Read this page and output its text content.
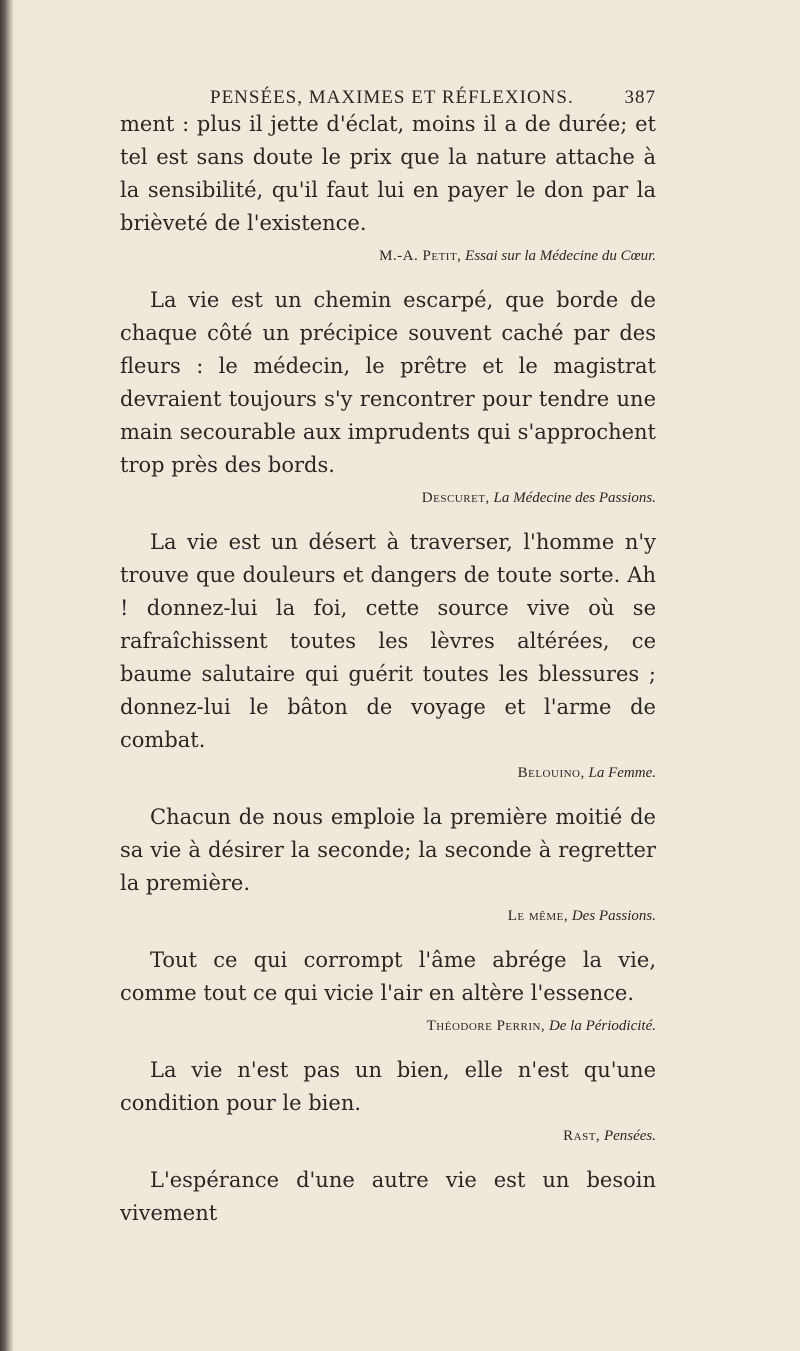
PENSÉES, MAXIMES ET RÉFLEXIONS.	387

ment : plus il jette d'éclat, moins il a de durée; et tel est sans doute le prix que la nature attache à la sensibilité, qu'il faut lui en payer le don par la brièveté de l'existence.

M.-A. Petit, Essai sur la Médecine du Cœur.

La vie est un chemin escarpé, que borde de chaque côté un précipice souvent caché par des fleurs : le médecin, le prêtre et le magistrat devraient toujours s'y rencontrer pour tendre une main secourable aux imprudents qui s'approchent trop près des bords.

Descuret, La Médecine des Passions.

La vie est un désert à traverser, l'homme n'y trouve que douleurs et dangers de toute sorte. Ah ! donnez-lui la foi, cette source vive où se rafraîchissent toutes les lèvres altérées, ce baume salutaire qui guérit toutes les blessures ; donnez-lui le bâton de voyage et l'arme de combat.

Belouino, La Femme.

Chacun de nous emploie la première moitié de sa vie à désirer la seconde; la seconde à regretter la première.

Le même, Des Passions.

Tout ce qui corrompt l'âme abrége la vie, comme tout ce qui vicie l'air en altère l'essence.

Théodore Perrin, De la Périodicité.

La vie n'est pas un bien, elle n'est qu'une condition pour le bien.

Rast, Pensées.

L'espérance d'une autre vie est un besoin vivement
